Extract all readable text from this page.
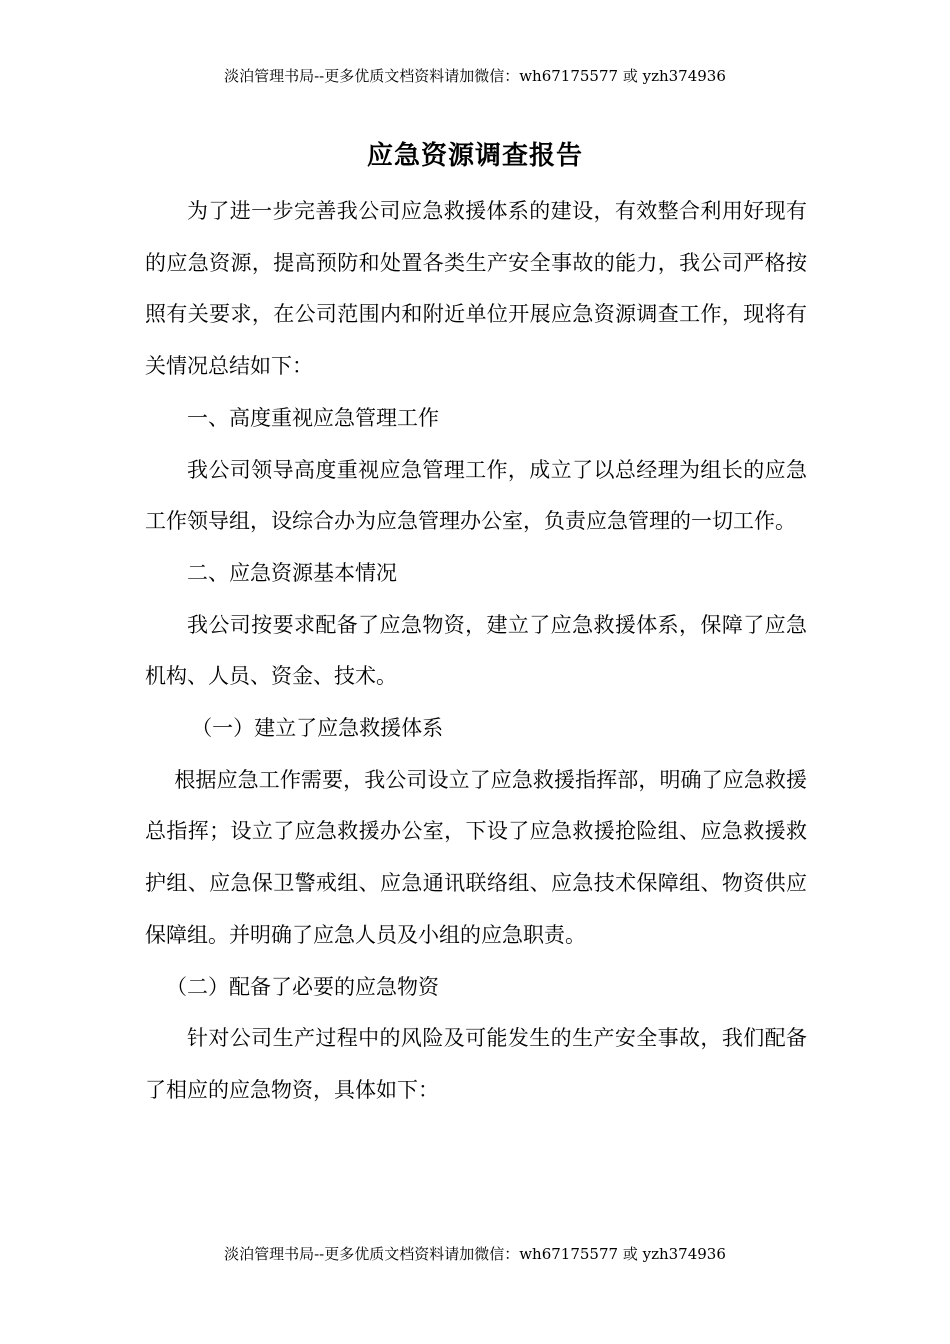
淡泊管理书局--更多优质文档资料请加微信：wh67175577 或 yzh374936
应急资源调查报告

为了进一步完善我公司应急救援体系的建设，有效整合利用好现有的应急资源，提高预防和处置各类生产安全事故的能力，我公司严格按照有关要求，在公司范围内和附近单位开展应急资源调查工作，现将有关情况总结如下：

一、高度重视应急管理工作

我公司领导高度重视应急管理工作，成立了以总经理为组长的应急工作领导组，设综合办为应急管理办公室，负责应急管理的一切工作。

二、应急资源基本情况

我公司按要求配备了应急物资，建立了应急救援体系，保障了应急机构、人员、资金、技术。

（一）建立了应急救援体系

根据应急工作需要，我公司设立了应急救援指挥部，明确了应急救援总指挥；设立了应急救援办公室，下设了应急救援抢险组、应急救援救护组、应急保卫警戒组、应急通讯联络组、应急技术保障组、物资供应保障组。并明确了应急人员及小组的应急职责。

（二）配备了必要的应急物资

针对公司生产过程中的风险及可能发生的生产安全事故，我们配备了相应的应急物资，具体如下：

淡泊管理书局--更多优质文档资料请加微信：wh67175577 或 yzh374936
